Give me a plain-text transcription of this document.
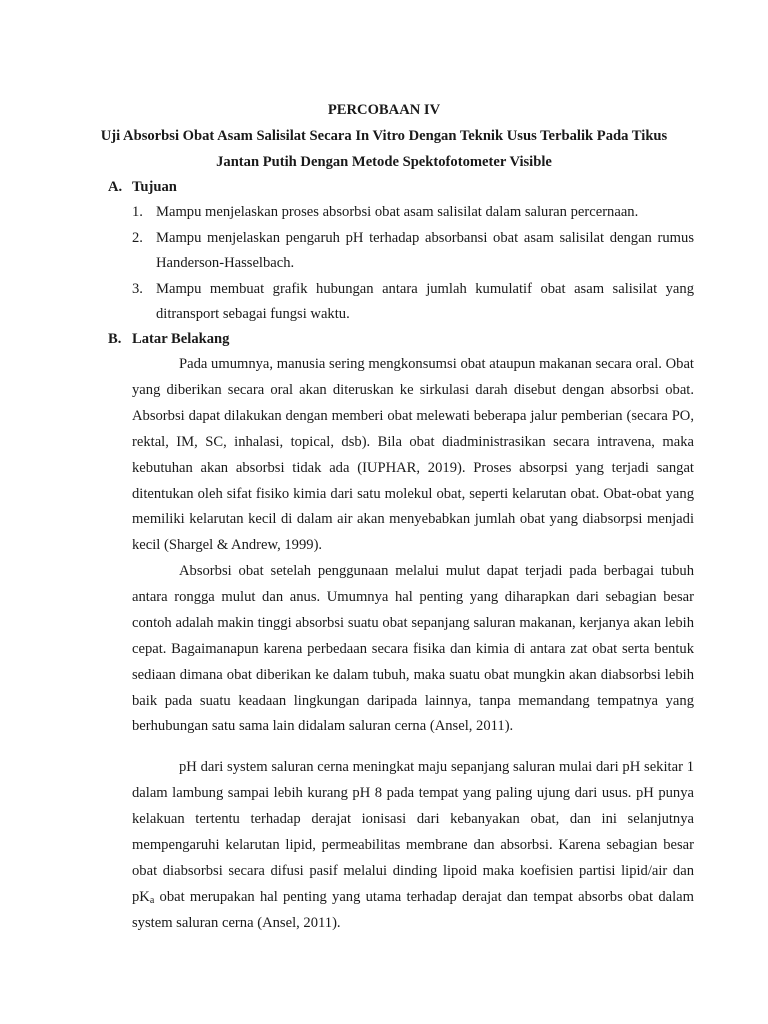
PERCOBAAN IV
Uji Absorbsi Obat Asam Salisilat Secara In Vitro Dengan Teknik Usus Terbalik Pada Tikus Jantan Putih Dengan Metode Spektofotometer Visible
A. Tujuan
1. Mampu menjelaskan proses absorbsi obat asam salisilat dalam saluran percernaan.
2. Mampu menjelaskan pengaruh pH terhadap absorbansi obat asam salisilat dengan rumus Handerson-Hasselbach.
3. Mampu membuat grafik hubungan antara jumlah kumulatif obat asam salisilat yang ditransport sebagai fungsi waktu.
B. Latar Belakang

Pada umumnya, manusia sering mengkonsumsi obat ataupun makanan secara oral. Obat yang diberikan secara oral akan diteruskan ke sirkulasi darah disebut dengan absorbsi obat. Absorbsi dapat dilakukan dengan memberi obat melewati beberapa jalur pemberian (secara PO, rektal, IM, SC, inhalasi, topical, dsb). Bila obat diadministrasikan secara intravena, maka kebutuhan akan absorbsi tidak ada (IUPHAR, 2019). Proses absorpsi yang terjadi sangat ditentukan oleh sifat fisiko kimia dari satu molekul obat, seperti kelarutan obat. Obat-obat yang memiliki kelarutan kecil di dalam air akan menyebabkan jumlah obat yang diabsorpsi menjadi kecil (Shargel & Andrew, 1999).

Absorbsi obat setelah penggunaan melalui mulut dapat terjadi pada berbagai tubuh antara rongga mulut dan anus. Umumnya hal penting yang diharapkan dari sebagian besar contoh adalah makin tinggi absorbsi suatu obat sepanjang saluran makanan, kerjanya akan lebih cepat. Bagaimanapun karena perbedaan secara fisika dan kimia di antara zat obat serta bentuk sediaan dimana obat diberikan ke dalam tubuh, maka suatu obat mungkin akan diabsorbsi lebih baik pada suatu keadaan lingkungan daripada lainnya, tanpa memandang tempatnya yang berhubungan satu sama lain didalam saluran cerna (Ansel, 2011).

pH dari system saluran cerna meningkat maju sepanjang saluran mulai dari pH sekitar 1 dalam lambung sampai lebih kurang pH 8 pada tempat yang paling ujung dari usus. pH punya kelakuan tertentu terhadap derajat ionisasi dari kebanyakan obat, dan ini selanjutnya mempengaruhi kelarutan lipid, permeabilitas membrane dan absorbsi. Karena sebagian besar obat diabsorbsi secara difusi pasif melalui dinding lipoid maka koefisien partisi lipid/air dan $pK_a$ obat merupakan hal penting yang utama terhadap derajat dan tempat absorbs obat dalam system saluran cerna (Ansel, 2011).
